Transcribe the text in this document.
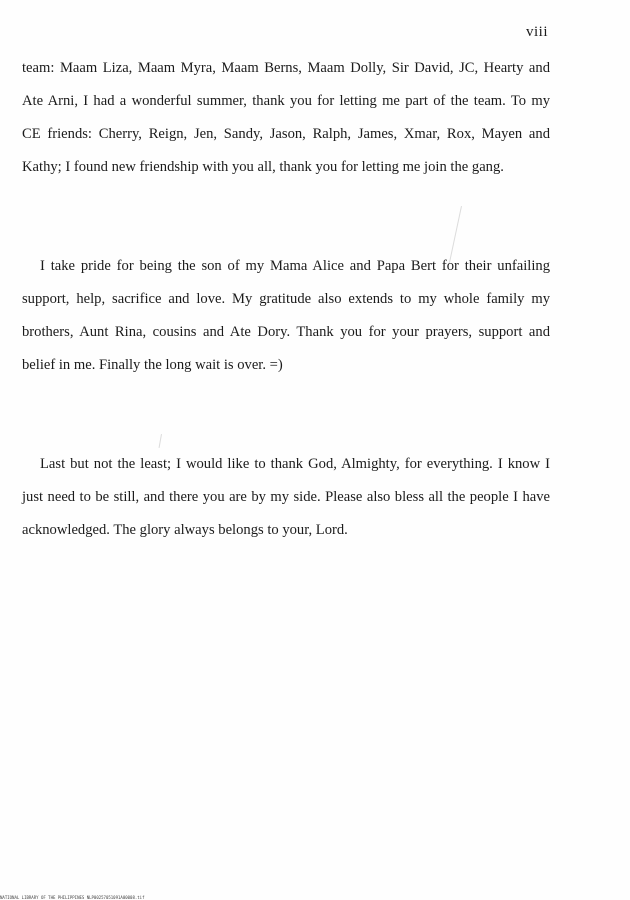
viii
team: Maam Liza, Maam Myra, Maam Berns, Maam Dolly, Sir David, JC, Hearty and
Ate Arni, I had a wonderful summer, thank you for letting me part of the team. To my
CE friends: Cherry, Reign, Jen, Sandy, Jason, Ralph, James, Xmar, Rox, Mayen and
Kathy; I found new friendship with you all, thank you for letting me join the gang.
I take pride for being the son of my Mama Alice and Papa Bert for their unfailing
support, help, sacrifice and love. My gratitude also extends to my whole family my
brothers, Aunt Rina, cousins and Ate Dory. Thank you for your prayers, support and
belief in me. Finally the long wait is over. =)
Last but not the least; I would like to thank God, Almighty, for everything. I know I
just need to be still, and there you are by my side. Please also bless all the people I have
acknowledged. The glory always belongs to your, Lord.
NATIONAL LIBRARY OF THE PHILIPPINES NLP00257051091A00008.tif
